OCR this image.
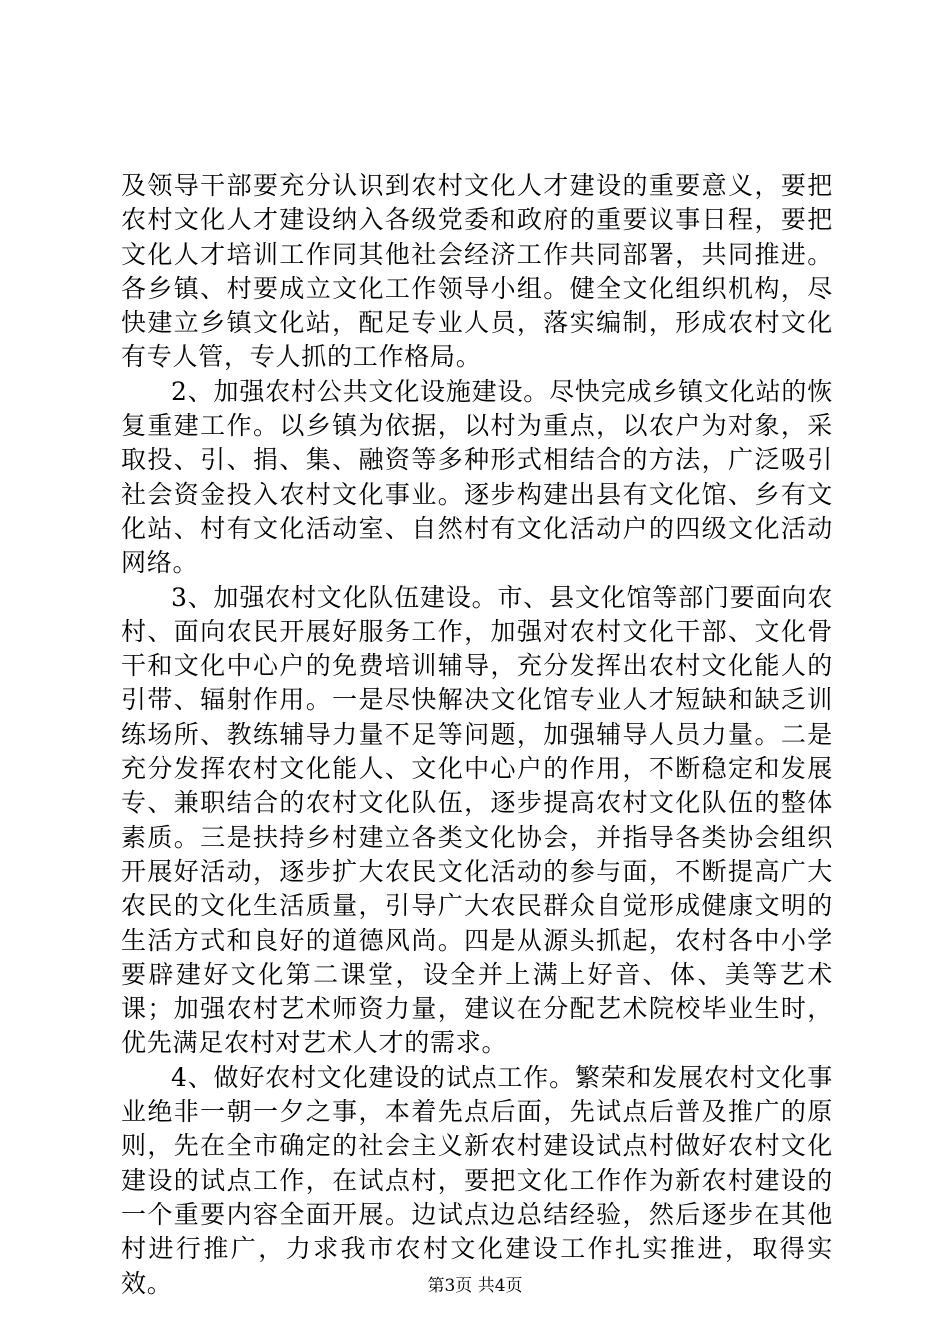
及领导干部要充分认识到农村文化人才建设的重要意义，要把农村文化人才建设纳入各级党委和政府的重要议事日程，要把文化人才培训工作同其他社会经济工作共同部署，共同推进。各乡镇、村要成立文化工作领导小组。健全文化组织机构，尽快建立乡镇文化站，配足专业人员，落实编制，形成农村文化有专人管，专人抓的工作格局。

2、加强农村公共文化设施建设。尽快完成乡镇文化站的恢复重建工作。以乡镇为依据，以村为重点，以农户为对象，采取投、引、捐、集、融资等多种形式相结合的方法，广泛吸引社会资金投入农村文化事业。逐步构建出县有文化馆、乡有文化站、村有文化活动室、自然村有文化活动户的四级文化活动网络。

3、加强农村文化队伍建设。市、县文化馆等部门要面向农村、面向农民开展好服务工作，加强对农村文化干部、文化骨干和文化中心户的免费培训辅导，充分发挥出农村文化能人的引带、辐射作用。一是尽快解决文化馆专业人才短缺和缺乏训练场所、教练辅导力量不足等问题，加强辅导人员力量。二是充分发挥农村文化能人、文化中心户的作用，不断稳定和发展专、兼职结合的农村文化队伍，逐步提高农村文化队伍的整体素质。三是扶持乡村建立各类文化协会，并指导各类协会组织开展好活动，逐步扩大农民文化活动的参与面，不断提高广大农民的文化生活质量，引导广大农民群众自觉形成健康文明的生活方式和良好的道德风尚。四是从源头抓起，农村各中小学要辟建好文化第二课堂，设全并上满上好音、体、美等艺术课；加强农村艺术师资力量，建议在分配艺术院校毕业生时，优先满足农村对艺术人才的需求。

4、做好农村文化建设的试点工作。繁荣和发展农村文化事业绝非一朝一夕之事，本着先点后面，先试点后普及推广的原则，先在全市确定的社会主义新农村建设试点村做好农村文化建设的试点工作，在试点村，要把文化工作作为新农村建设的一个重要内容全面开展。边试点边总结经验，然后逐步在其他村进行推广，力求我市农村文化建设工作扎实推进，取得实效。	第3页 共4页
